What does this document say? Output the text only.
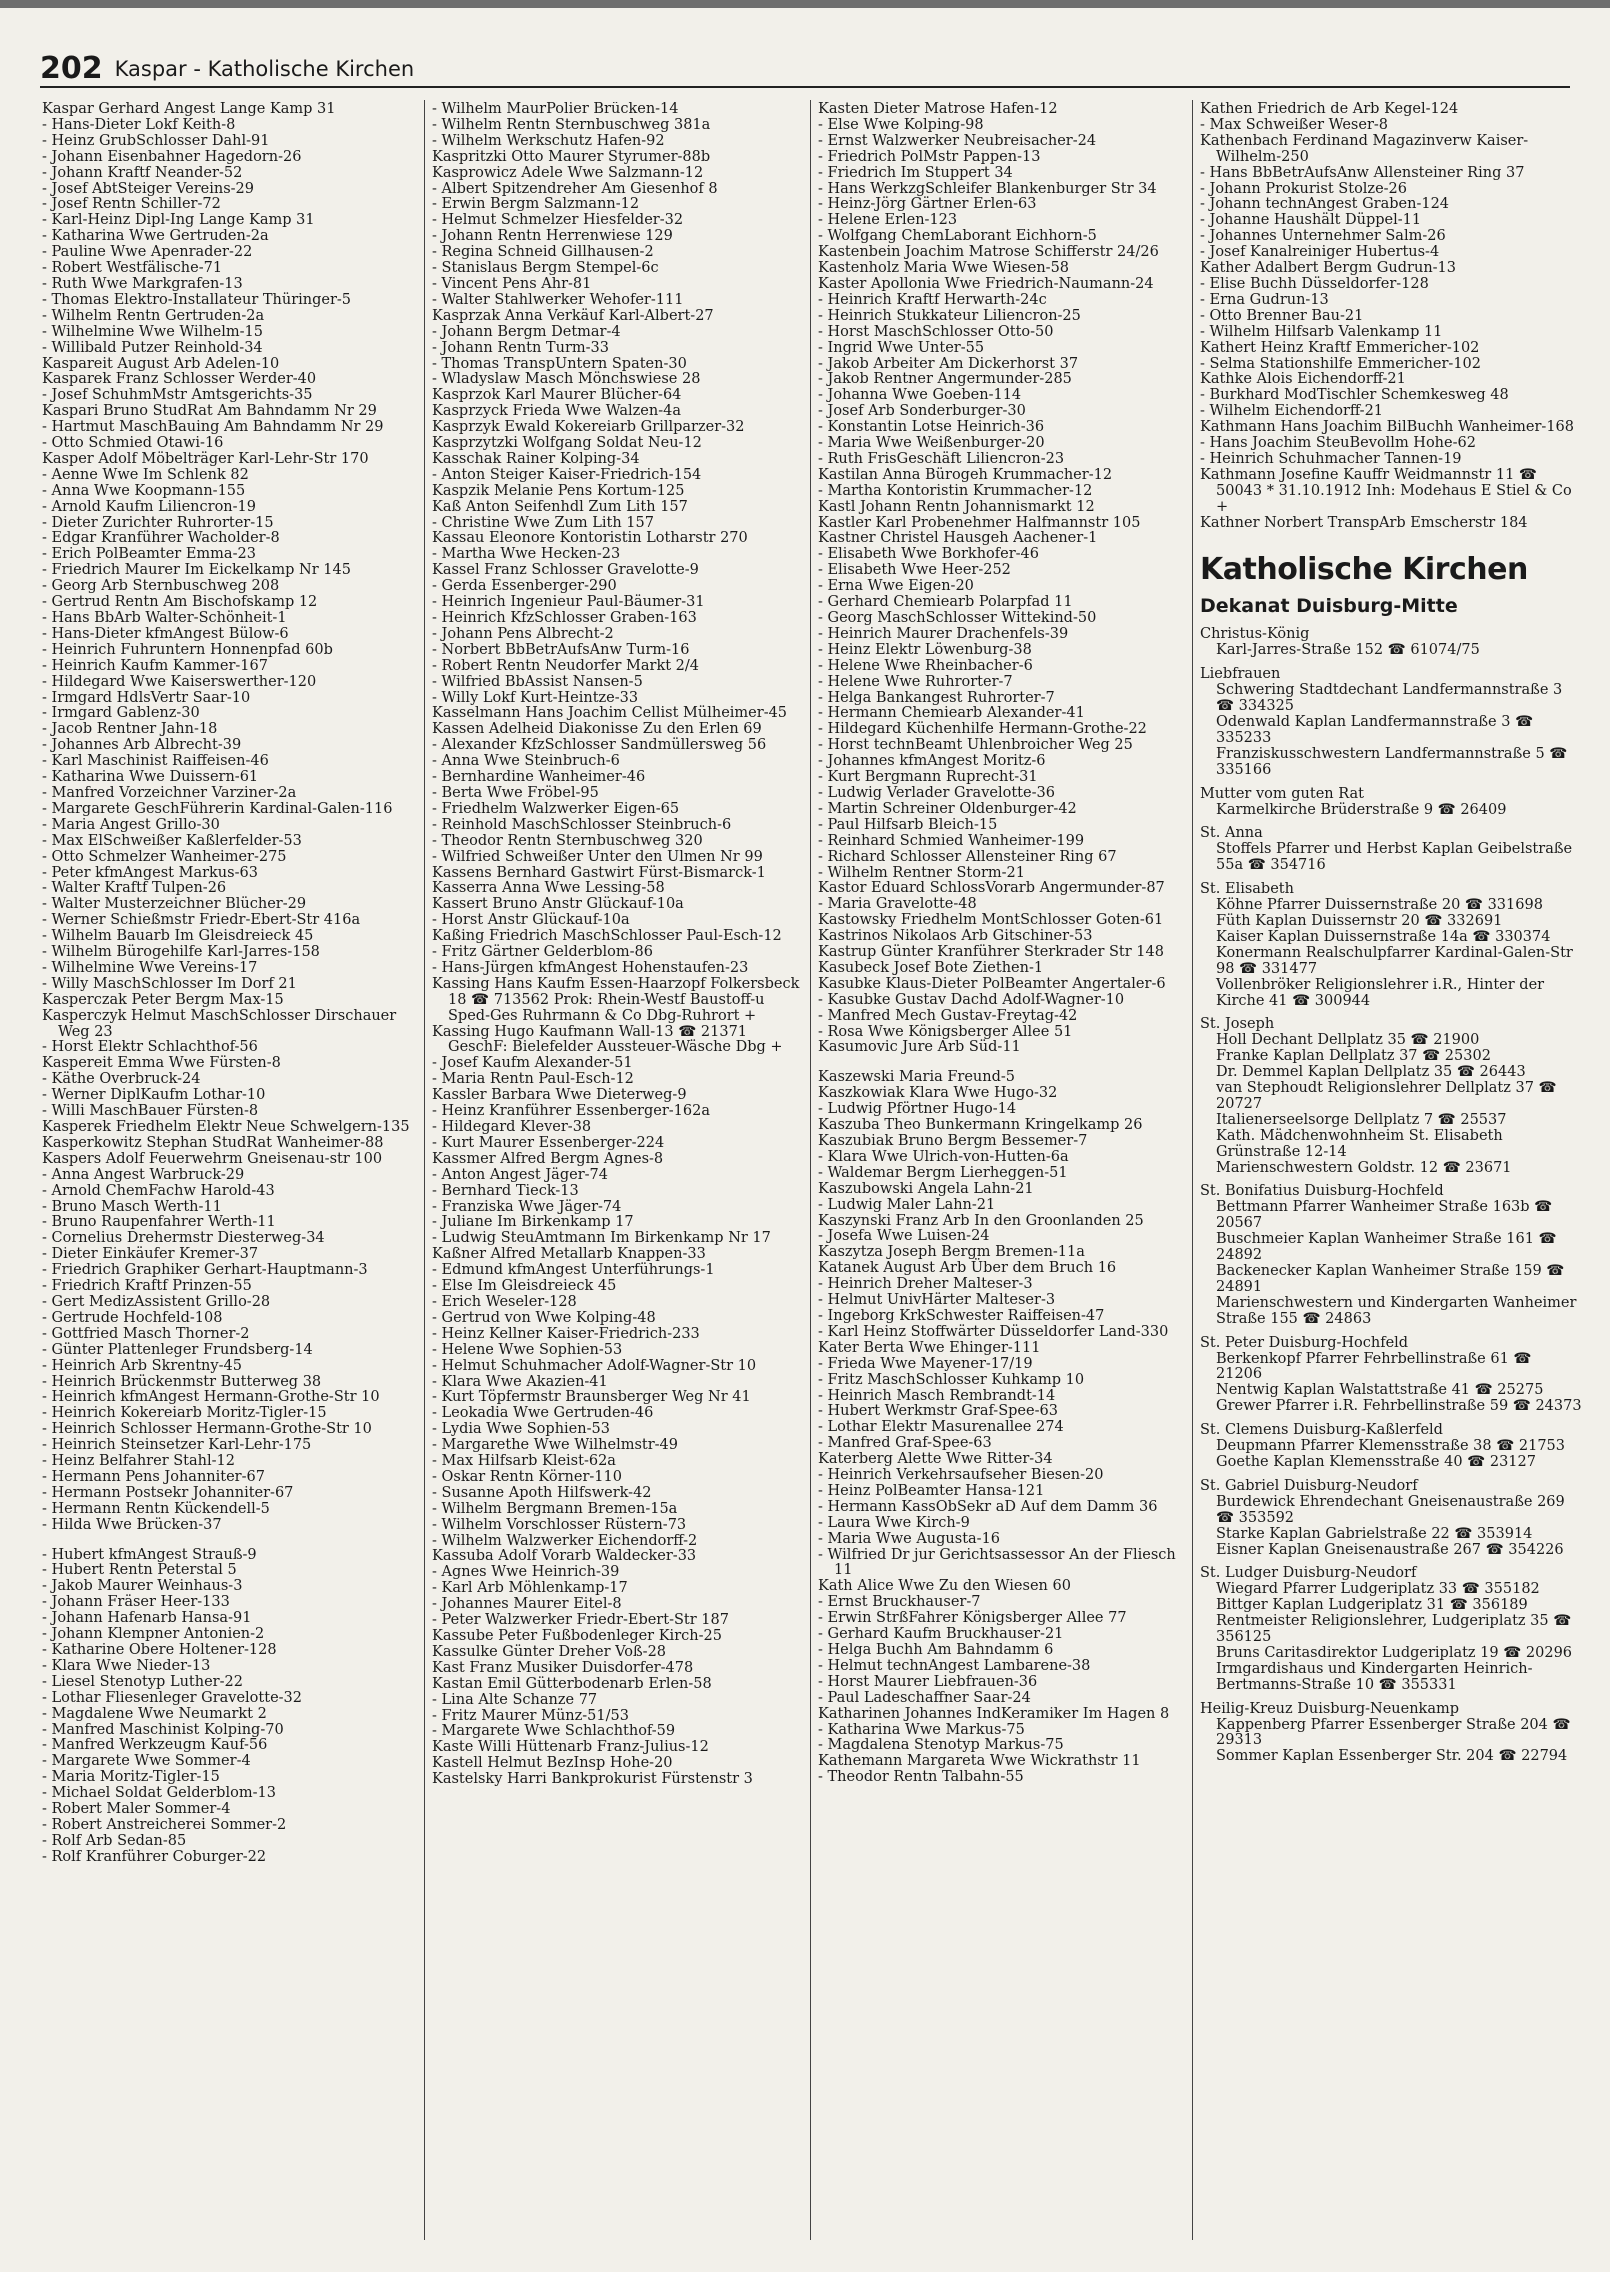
202 Kaspar - Katholische Kirchen
Kaspar Gerhard Angest Lange Kamp 31
- Hans-Dieter Lokf Keith-8
- Heinz GrubSchlosser Dahl-91
- Johann Eisenbahner Hagedorn-26
- Johann Kraftf Neander-52
- Josef AbtSteiger Vereins-29
- Josef Rentn Schiller-72
- Karl-Heinz Dipl-Ing Lange Kamp 31
- Katharina Wwe Gertruden-2a
- Pauline Wwe Apenrader-22
- Robert Westfälische-71
- Ruth Wwe Markgrafen-13
- Thomas Elektro-Installateur Thüringer-5
- Wilhelm Rentn Gertruden-2a
- Wilhelmine Wwe Wilhelm-15
- Willibald Putzer Reinhold-34
Kaspareit August Arb Adelen-10
Kasparek Franz Schlosser Werder-40
- Josef SchuhmMstr Amtsgerichts-35
Kaspari Bruno StudRat Am Bahndamm Nr 29
- Hartmut MaschBauing Am Bahndamm Nr 29
- Otto Schmied Otawi-16
Kasper Adolf Möbelträger Karl-Lehr-Str 170
- Aenne Wwe Im Schlenk 82
- Anna Wwe Koopmann-155
- Arnold Kaufm Liliencron-19
- Dieter Zurichter Ruhrorter-15
- Edgar Kranführer Wacholder-8
- Erich PolBeamter Emma-23
- Friedrich Maurer Im Eickelkamp Nr 145
- Georg Arb Sternbuschweg 208
- Gertrud Rentn Am Bischofskamp 12
- Hans BbArb Walter-Schönheit-1
- Hans-Dieter kfmAngest Bülow-6
- Heinrich Fuhruntern Honnenpfad 60b
- Heinrich Kaufm Kammer-167
- Hildegard Wwe Kaiserswerther-120
- Irmgard HdlsVertr Saar-10
- Irmgard Gablenz-30
- Jacob Rentner Jahn-18
- Johannes Arb Albrecht-39
- Karl Maschinist Raiffeisen-46
- Katharina Wwe Duissern-61
- Manfred Vorzeichner Varziner-2a
- Margarete GeschFührerin Kardinal-Galen-116
- Maria Angest Grillo-30
- Max ElSchweißer Kaßlerfelder-53
- Otto Schmelzer Wanheimer-275
- Peter kfmAngest Markus-63
- Walter Kraftf Tulpen-26
- Walter Musterzeichner Blücher-29
- Werner Schießmstr Friedr-Ebert-Str 416a
- Wilhelm Bauarb Im Gleisdreieck 45
- Wilhelm Bürogehilfe Karl-Jarres-158
- Wilhelmine Wwe Vereins-17
- Willy MaschSchlosser Im Dorf 21
Kasperczak Peter Bergm Max-15
Kasperczyk Helmut MaschSchlosser Dirschauer Weg 23
- Horst Elektr Schlachthof-56
Kaspereit Emma Wwe Fürsten-8
- Käthe Overbruck-24
- Werner DiplKaufm Lothar-10
- Willi MaschBauer Fürsten-8
Kasperek Friedhelm Elektr Neue Schwelgern-135
Kasperkowitz Stephan StudRat Wanheimer-88
Kaspers Adolf Feuerwehrm Gneisenau-str 100
- Anna Angest Warbruck-29
- Arnold ChemFachw Harold-43
- Bruno Masch Werth-11
- Bruno Raupenfahrer Werth-11
- Cornelius Drehermstr Diesterweg-34
- Dieter Einkäufer Kremer-37
- Friedrich Graphiker Gerhart-Hauptmann-3
- Friedrich Kraftf Prinzen-55
- Gert MedizAssistent Grillo-28
- Gertrude Hochfeld-108
- Gottfried Masch Thorner-2
- Günter Plattenleger Frundsberg-14
- Heinrich Arb Skrentny-45
- Heinrich Brückenmstr Butterweg 38
- Heinrich kfmAngest Hermann-Grothe-Str 10
- Heinrich Kokereiarb Moritz-Tigler-15
- Heinrich Schlosser Hermann-Grothe-Str 10
- Heinrich Steinsetzer Karl-Lehr-175
- Heinz Belfahrer Stahl-12
- Hermann Pens Johanniter-67
- Hermann Postsekr Johanniter-67
- Hermann Rentn Kückendell-5
- Hilda Wwe Brücken-37
- Hubert kfmAngest Strauß-9
- Hubert Rentn Peterstal 5
- Jakob Maurer Weinhaus-3
- Johann Fräser Heer-133
- Johann Hafenarb Hansa-91
- Johann Klempner Antonien-2
- Katharine Obere Holtener-128
- Klara Wwe Nieder-13
- Liesel Stenotyp Luther-22
- Lothar Fliesenleger Gravelotte-32
- Magdalene Wwe Neumarkt 2
- Manfred Maschinist Kolping-70
- Manfred Werkzeugm Kauf-56
- Margarete Wwe Sommer-4
- Maria Moritz-Tigler-15
- Michael Soldat Gelderblom-13
- Robert Maler Sommer-4
- Robert Anstreicherei Sommer-2
- Rolf Arb Sedan-85
- Rolf Kranführer Coburger-22
- Wilhelm MaurPolier Brücken-14
- Wilhelm Rentn Sternbuschweg 381a
- Wilhelm Werkschutz Hafen-92
Kaspritzki Otto Maurer Styrumer-88b
Kasprowicz Adele Wwe Salzmann-12
- Albert Spitzendreher Am Giesenhof 8
- Erwin Bergm Salzmann-12
- Helmut Schmelzer Hiesfelder-32
- Johann Rentn Herrenwiese 129
- Regina Schneid Gillhausen-2
- Stanislaus Bergm Stempel-6c
- Vincent Pens Ahr-81
- Walter Stahlwerker Wehofer-111
Kasprzak Anna Verkäuf Karl-Albert-27
- Johann Bergm Detmar-4
- Johann Rentn Turm-33
- Thomas TranspUntern Spaten-30
- Wladyslaw Masch Mönchswiese 28
Kasprzok Karl Maurer Blücher-64
Kasprzyck Frieda Wwe Walzen-4a
Kasprzyk Ewald Kokereiarb Grillparzer-32
Kasprzytzki Wolfgang Soldat Neu-12
Kasschak Rainer Kolping-34
- Anton Steiger Kaiser-Friedrich-154
Kaspzik Melanie Pens Kortum-125
Kaß Anton Seifenhdl Zum Lith 157
- Christine Wwe Zum Lith 157
Kassau Eleonore Kontoristin Lotharstr 270
- Martha Wwe Hecken-23
Kassel Franz Schlosser Gravelotte-9
- Gerda Essenberger-290
- Heinrich Ingenieur Paul-Bäumer-31
- Heinrich KfzSchlosser Graben-163
- Johann Pens Albrecht-2
- Norbert BbBetrAufsAnw Turm-16
- Robert Rentn Neudorfer Markt 2/4
- Wilfried BbAssist Nansen-5
- Willy Lokf Kurt-Heintze-33
Kasselmann Hans Joachim Cellist Mülheimer-45
Kassen Adelheid Diakonisse Zu den Erlen 69
- Alexander KfzSchlosser Sandmüllersweg 56
- Anna Wwe Steinbruch-6
- Bernhardine Wanheimer-46
- Berta Wwe Fröbel-95
- Friedhelm Walzwerker Eigen-65
- Reinhold MaschSchlosser Steinbruch-6
- Theodor Rentn Sternbuschweg 320
- Wilfried Schweißer Unter den Ulmen Nr 99
Kassens Bernhard Gastwirt Fürst-Bismarck-1
Kasserra Anna Wwe Lessing-58
Kassert Bruno Anstr Glückauf-10a
- Horst Anstr Glückauf-10a
Kaßing Friedrich MaschSchlosser Paul-Esch-12
- Fritz Gärtner Gelderblom-86
- Hans-Jürgen kfmAngest Hohenstaufen-23
Kassing Hans Kaufm Essen-Haarzopf Folkersbeck 18 ☎ 713562 Prok: Rhein-Westf Baustoff-u Sped-Ges Ruhrmann & Co Dbg-Ruhrort +
Kassing Hugo Kaufmann Wall-13 ☎ 21371 GeschF: Bielefelder Aussteuer-Wäsche Dbg +
- Josef Kaufm Alexander-51
- Maria Rentn Paul-Esch-12
Kassler Barbara Wwe Dieterweg-9
- Heinz Kranführer Essenberger-162a
- Hildegard Klever-38
- Kurt Maurer Essenberger-224
Kassmer Alfred Bergm Agnes-8
- Anton Angest Jäger-74
- Bernhard Tieck-13
- Franziska Wwe Jäger-74
- Juliane Im Birkenkamp 17
- Ludwig SteuAmtmann Im Birkenkamp Nr 17
Kaßner Alfred Metallarb Knappen-33
- Edmund kfmAngest Unterführungs-1
- Else Im Gleisdreieck 45
- Erich Weseler-128
- Gertrud von Wwe Kolping-48
- Heinz Kellner Kaiser-Friedrich-233
- Helene Wwe Sophien-53
- Helmut Schuhmacher Adolf-Wagner-Str 10
- Klara Wwe Akazien-41
- Kurt Töpfermstr Braunsberger Weg Nr 41
- Leokadia Wwe Gertruden-46
- Lydia Wwe Sophien-53
- Margarethe Wwe Wilhelmstr-49
- Max Hilfsarb Kleist-62a
- Oskar Rentn Körner-110
- Susanne Apoth Hilfswerk-42
- Wilhelm Bergmann Bremen-15a
- Wilhelm Vorschlosser Rüstern-73
- Wilhelm Walzwerker Eichendorff-2
Kassuba Adolf Vorarb Waldecker-33
- Agnes Wwe Heinrich-39
- Karl Arb Möhlenkamp-17
- Johannes Maurer Eitel-8
- Peter Walzwerker Friedr-Ebert-Str 187
Kassube Peter Fußbodenleger Kirch-25
Kassulke Günter Dreher Voß-28
Kast Franz Musiker Duisdorfer-478
Kastan Emil Gütterbodenarb Erlen-58
- Lina Alte Schanze 77
- Fritz Maurer Münz-51/53
- Margarete Wwe Schlachthof-59
Kaste Willi Hüttenarb Franz-Julius-12
Kastell Helmut BezInsp Hohe-20
Kastelsky Harri Bankprokurist Fürstenstr 3
Kasten Dieter Matrose Hafen-12
- Else Wwe Kolping-98
- Ernst Walzwerker Neubreisacher-24
- Friedrich PolMstr Pappen-13
- Friedrich Im Stuppert 34
- Hans WerkzgSchleifer Blankenburger Str 34
- Heinz-Jörg Gärtner Erlen-63
- Helene Erlen-123
- Wolfgang ChemLaborant Eichhorn-5
Kastenbein Joachim Matrose Schifferstr 24/26
Kastenholz Maria Wwe Wiesen-58
Kaster Apollonia Wwe Friedrich-Naumann-24
- Heinrich Kraftf Herwarth-24c
- Heinrich Stukkateur Liliencron-25
- Horst MaschSchlosser Otto-50
- Ingrid Wwe Unter-55
- Jakob Arbeiter Am Dickerhorst 37
- Jakob Rentner Angermunder-285
- Johanna Wwe Goeben-114
- Josef Arb Sonderburger-30
- Konstantin Lotse Heinrich-36
- Maria Wwe Weißenburger-20
- Ruth FrisGeschäft Liliencron-23
Kastilan Anna Bürogeh Krummacher-12
- Martha Kontoristin Krummacher-12
Kastl Johann Rentn Johannismarkt 12
Kastler Karl Probenehmer Halfmannstr 105
Kastner Christel Hausgeh Aachener-1
- Elisabeth Wwe Borkhofer-46
- Elisabeth Wwe Heer-252
- Erna Wwe Eigen-20
- Gerhard Chemiearb Polarpfad 11
- Georg MaschSchlosser Wittekind-50
- Heinrich Maurer Drachenfels-39
- Heinz Elektr Löwenburg-38
- Helene Wwe Rheinbacher-6
- Helene Wwe Ruhrorter-7
- Helga Bankangest Ruhrorter-7
- Hermann Chemiearb Alexander-41
- Hildegard Küchenhilfe Hermann-Grothe-22
- Horst technBeamt Uhlenbroicher Weg 25
- Johannes kfmAngest Moritz-6
- Kurt Bergmann Ruprecht-31
- Ludwig Verlader Gravelotte-36
- Martin Schreiner Oldenburger-42
- Paul Hilfsarb Bleich-15
- Reinhard Schmied Wanheimer-199
- Richard Schlosser Allensteiner Ring 67
- Wilhelm Rentner Storm-21
Kastor Eduard SchlossVorarb Angermunder-87
- Maria Gravelotte-48
Kastowsky Friedhelm MontSchlosser Goten-61
Kastrinos Nikolaos Arb Gitschiner-53
Kastrup Günter Kranführer Sterkrader Str 148
Kasubeck Josef Bote Ziethen-1
Kasubke Klaus-Dieter PolBeamter Angertaler-6
- Kasubke Gustav Dachd Adolf-Wagner-10
- Manfred Mech Gustav-Freytag-42
- Rosa Wwe Königsberger Allee 51
Kasumovic Jure Arb Süd-11
Kaszewski Maria Freund-5
Kaszkowiak Klara Wwe Hugo-32
- Ludwig Pförtner Hugo-14
Kaszuba Theo Bunkermann Kringelkamp 26
Kaszubiak Bruno Bergm Bessemer-7
- Klara Wwe Ulrich-von-Hutten-6a
- Waldemar Bergm Lierheggen-51
Kaszubowski Angela Lahn-21
- Ludwig Maler Lahn-21
Kaszynski Franz Arb In den Groonlanden 25
- Josefa Wwe Luisen-24
Kaszytza Joseph Bergm Bremen-11a
Katanek August Arb Über dem Bruch 16
- Heinrich Dreher Malteser-3
- Helmut UnivHärter Malteser-3
- Ingeborg KrkSchwester Raiffeisen-47
- Karl Heinz Stoffwärter Düsseldorfer Land-330
Kater Berta Wwe Ehinger-111
- Frieda Wwe Mayener-17/19
- Fritz MaschSchlosser Kuhkamp 10
- Heinrich Masch Rembrandt-14
- Hubert Werkmstr Graf-Spee-63
- Lothar Elektr Masurenallee 274
- Manfred Graf-Spee-63
Katerberg Alette Wwe Ritter-34
- Heinrich Verkehrsaufseher Biesen-20
- Heinz PolBeamter Hansa-121
- Hermann KassObSekr aD Auf dem Damm 36
- Laura Wwe Kirch-9
- Maria Wwe Augusta-16
- Wilfried Dr jur Gerichtsassessor An der Fliesch 11
Kath Alice Wwe Zu den Wiesen 60
- Ernst Bruckhauser-7
- Erwin StrßFahrer Königsberger Allee 77
- Gerhard Kaufm Bruckhauser-21
- Helga Buchh Am Bahndamm 6
- Helmut technAngest Lambarene-38
- Horst Maurer Liebfrauen-36
- Paul Ladeschaffner Saar-24
Katharinen Johannes IndKeramiker Im Hagen 8
- Katharina Wwe Markus-75
- Magdalena Stenotyp Markus-75
Kathemann Margareta Wwe Wickrathstr 11
- Theodor Rentn Talbahn-55
Kathen Friedrich de Arb Kegel-124
- Max Schweißer Weser-8
Kathenbach Ferdinand Magazinverw Kaiser-Wilhelm-250
- Hans BbBetrAufsAnw Allensteiner Ring 37
- Johann Prokurist Stolze-26
- Johann technAngest Graben-124
- Johanne Haushält Düppel-11
- Johannes Unternehmer Salm-26
- Josef Kanalreiniger Hubertus-4
Kather Adalbert Bergm Gudrun-13
- Elise Buchh Düsseldorfer-128
- Erna Gudrun-13
- Otto Brenner Bau-21
- Wilhelm Hilfsarb Valenkamp 11
Kathert Heinz Kraftf Emmericher-102
- Selma Stationshilfe Emmericher-102
Kathke Alois Eichendorff-21
- Burkhard ModTischler Schemkesweg 48
- Wilhelm Eichendorff-21
Kathmann Hans Joachim BilBuchh Wanheimer-168
- Hans Joachim SteuBevollm Hohe-62
- Heinrich Schuhmacher Tannen-19
Kathmann Josefine Kauffr Weidmannstr 11 ☎ 50043 * 31.10.1912 Inh: Modehaus E Stiel & Co +
Kathner Norbert TranspArb Emscherstr 184
Katholische Kirchen
Dekanat Duisburg-Mitte
Christus-König
Karl-Jarres-Straße 152 ☎ 61074/75
Liebfrauen
Schwering Stadtdechant Landfermannstraße 3 ☎ 334325
Odenwald Kaplan Landfermannstraße 3 ☎ 335233
Franziskusschwestern Landfermannstraße 5 ☎ 335166
Mutter vom guten Rat
Karmelkirche Brüderstraße 9 ☎ 26409
St. Anna
Stoffels Pfarrer und Herbst Kaplan Geibelstraße 55a ☎ 354716
St. Elisabeth
Köhne Pfarrer Duissernstraße 20 ☎ 331698
Füth Kaplan Duissernstr 20 ☎ 332691
Kaiser Kaplan Duissernstraße 14a ☎ 330374
Konermann Realschulpfarrer Kardinal-Galen-Str 98 ☎ 331477
Vollenbröker Religionslehrer i.R., Hinter der Kirche 41 ☎ 300944
St. Joseph
Holl Dechant Dellplatz 35 ☎ 21900
Franke Kaplan Dellplatz 37 ☎ 25302
Dr. Demmel Kaplan Dellplatz 35 ☎ 26443
van Stephoudt Religionslehrer Dellplatz 37 ☎ 20727
Italienerseelsorge Dellplatz 7 ☎ 25537
Kath. Mädchenwohnheim St. Elisabeth Grünstraße 12-14
Marienschwestern Goldstr. 12 ☎ 23671
St. Bonifatius Duisburg-Hochfeld
Bettmann Pfarrer Wanheimer Straße 163b ☎ 20567
Buschmeier Kaplan Wanheimer Straße 161 ☎ 24892
Backenecker Kaplan Wanheimer Straße 159 ☎ 24891
Marienschwestern und Kindergarten Wanheimer Straße 155 ☎ 24863
St. Peter Duisburg-Hochfeld
Berkenkopf Pfarrer Fehrbellinstraße 61 ☎ 21206
Nentwig Kaplan Walstattstraße 41 ☎ 25275
Grewer Pfarrer i.R. Fehrbellinstraße 59 ☎ 24373
St. Clemens Duisburg-Kaßlerfeld
Deupmann Pfarrer Klemensstraße 38 ☎ 21753
Goethe Kaplan Klemensstraße 40 ☎ 23127
St. Gabriel Duisburg-Neudorf
Burdewick Ehrendechant Gneisenaustraße 269 ☎ 353592
Starke Kaplan Gabrielstraße 22 ☎ 353914
Eisner Kaplan Gneisenaustraße 267 ☎ 354226
St. Ludger Duisburg-Neudorf
Wiegard Pfarrer Ludgeriplatz 33 ☎ 355182
Bittger Kaplan Ludgeriplatz 31 ☎ 356189
Rentmeister Religionslehrer, Ludgeriplatz 35 ☎ 356125
Bruns Caritasdirektor Ludgeriplatz 19 ☎ 20296
Irmgardishaus und Kindergarten Heinrich-Bertmanns-Straße 10 ☎ 355331
Heilig-Kreuz Duisburg-Neuenkamp
Kappenberg Pfarrer Essenberger Straße 204 ☎ 29313
Sommer Kaplan Essenberger Str. 204 ☎ 22794
